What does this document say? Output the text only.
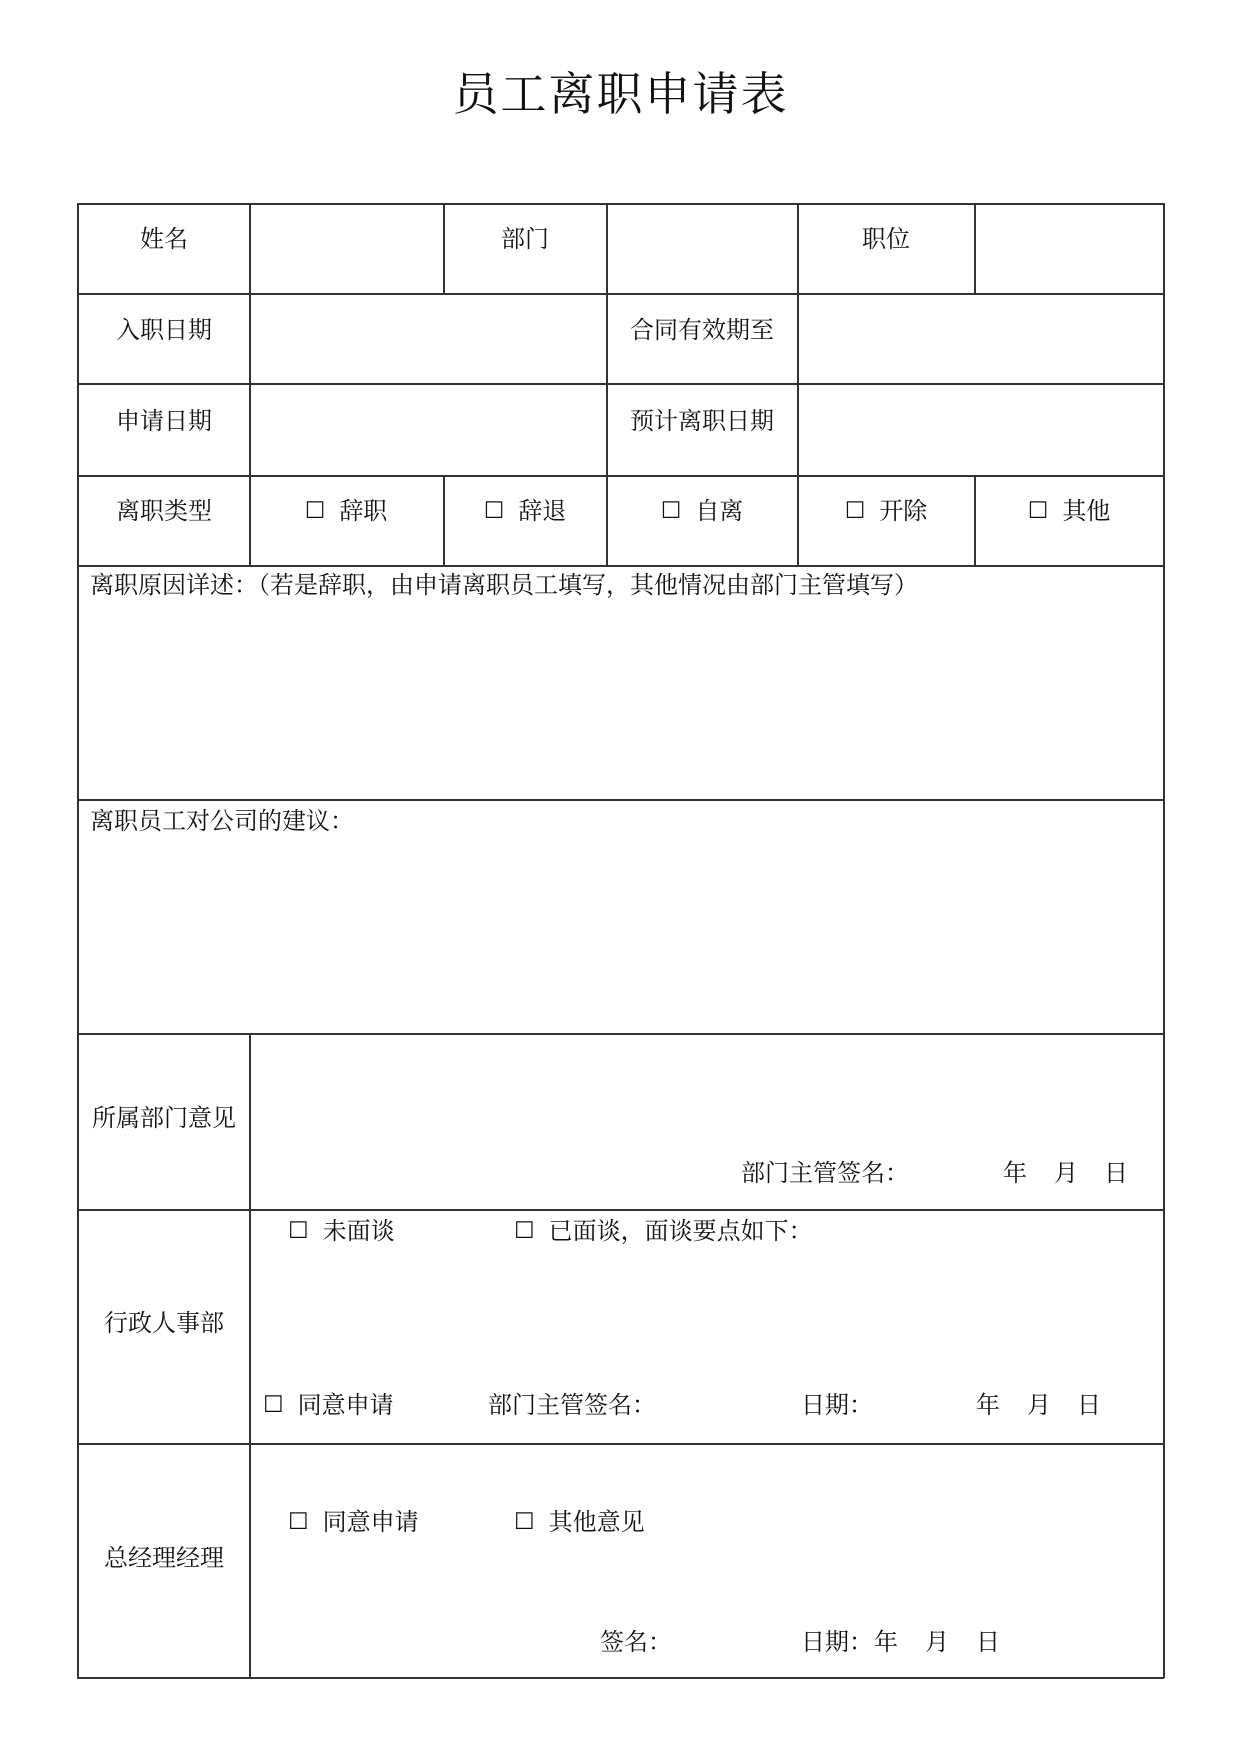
员工离职申请表
姓名	部门	职位
入职日期	合同有效期至
申请日期	预计离职日期
离职类型	☐ 辞职	☐ 辞退	☐ 自离	☐ 开除	☐ 其他
离职原因详述：（若是辞职，由申请离职员工填写，其他情况由部门主管填写）
离职员工对公司的建议：
所属部门意见
部门主管签名：	年 月 日
行政人事部
☐ 未面谈	☐ 已面谈，面谈要点如下：
☐ 同意申请	部门主管签名：	日期：	年 月 日
总经理经理
☐ 同意申请	☐ 其他意见
签名：	日期： 年 月 日
